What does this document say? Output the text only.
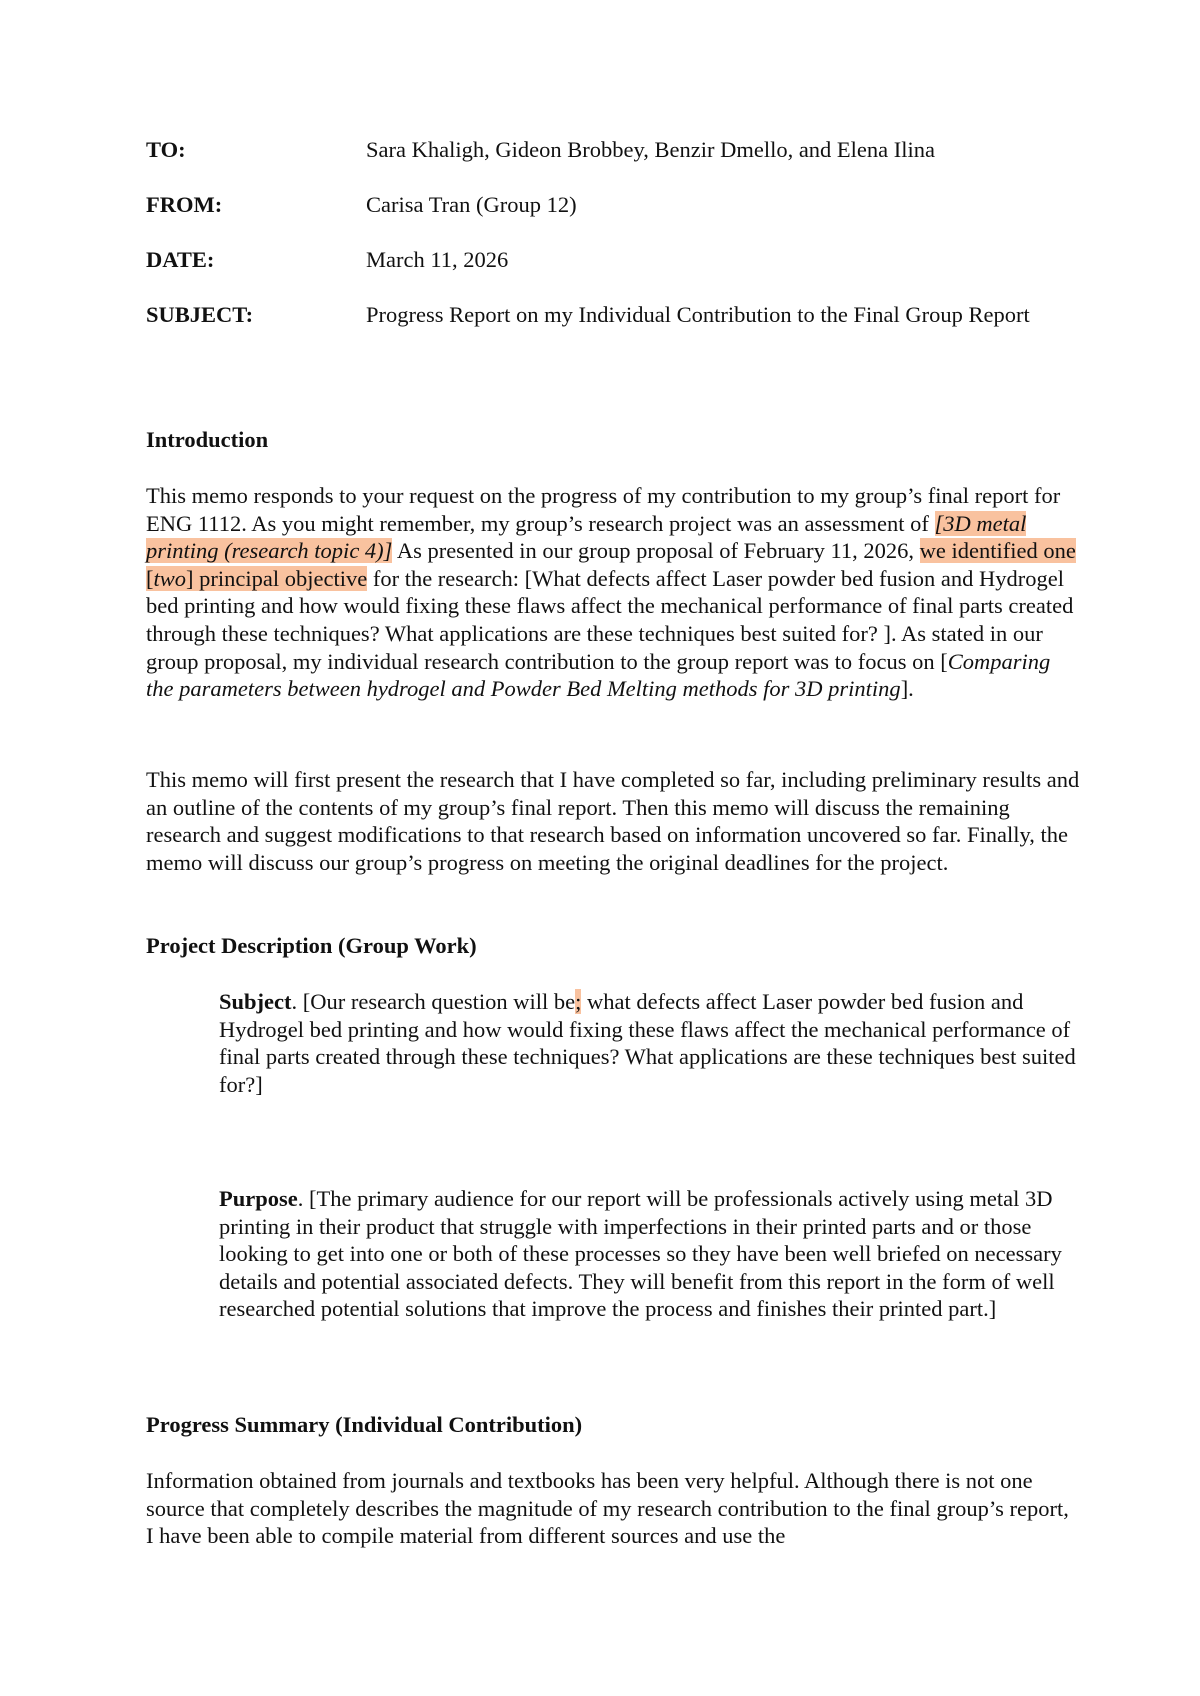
TO:	Sara Khaligh, Gideon Brobbey, Benzir Dmello, and Elena Ilina
FROM:	Carisa Tran (Group 12)
DATE:	March 11, 2026
SUBJECT:	Progress Report on my Individual Contribution to the Final Group Report
Introduction

This memo responds to your request on the progress of my contribution to my group’s final report for ENG 1112. As you might remember, my group’s research project was an assessment of [3D metal printing (research topic 4)] As presented in our group proposal of February 11, 2026, we identified one [two] principal objective for the research: [What defects affect Laser powder bed fusion and Hydrogel bed printing and how would fixing these flaws affect the mechanical performance of final parts created through these techniques? What applications are these techniques best suited for? ]. As stated in our group proposal, my individual research contribution to the group report was to focus on [Comparing the parameters between hydrogel and Powder Bed Melting methods for 3D printing].

This memo will first present the research that I have completed so far, including preliminary results and an outline of the contents of my group’s final report. Then this memo will discuss the remaining research and suggest modifications to that research based on information uncovered so far. Finally, the memo will discuss our group’s progress on meeting the original deadlines for the project.

Project Description (Group Work)

Subject. [Our research question will be; what defects affect Laser powder bed fusion and Hydrogel bed printing and how would fixing these flaws affect the mechanical performance of final parts created through these techniques? What applications are these techniques best suited for?]

Purpose. [The primary audience for our report will be professionals actively using metal 3D printing in their product that struggle with imperfections in their printed parts and or those looking to get into one or both of these processes so they have been well briefed on necessary details and potential associated defects. They will benefit from this report in the form of well researched potential solutions that improve the process and finishes their printed part.]

Progress Summary (Individual Contribution)

Information obtained from journals and textbooks has been very helpful. Although there is not one source that completely describes the magnitude of my research contribution to the final group’s report, I have been able to compile material from different sources and use the
